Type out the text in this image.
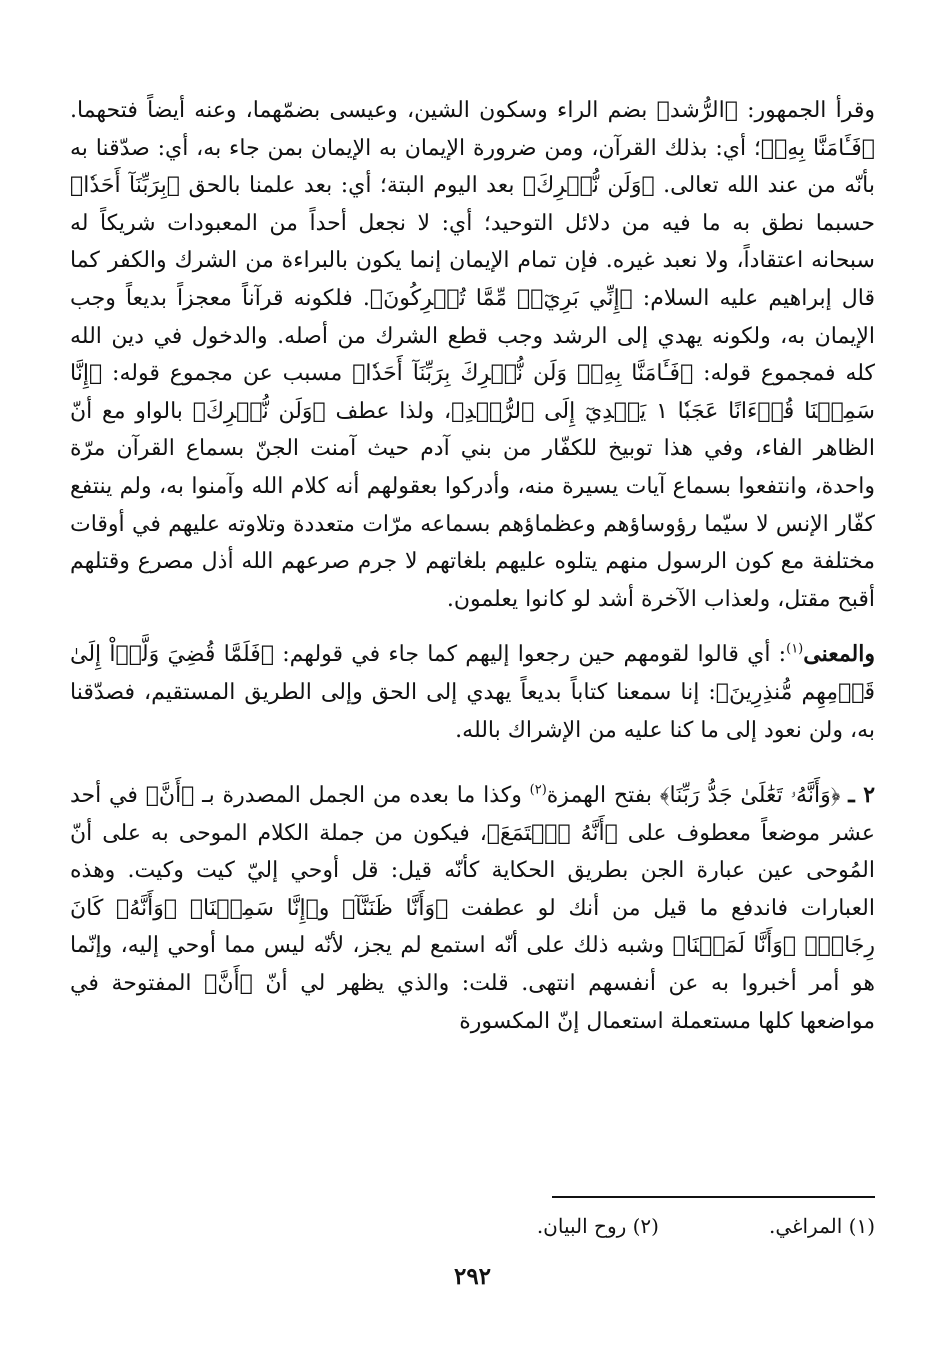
وقرأ الجمهور: ﴿الرُّشد﴾ بضم الراء وسكون الشين، وعيسى بضمّهما، وعنه أيضاً فتحهما. ﴿فَـَٔامَنَّا بِهِۦ﴾؛ أي: بذلك القرآن، ومن ضرورة الإيمان به الإيمان بمن جاء به، أي: صدّقنا به بأنّه من عند الله تعالى. ﴿وَلَن نُّشۡرِكَ﴾ بعد اليوم البتة؛ أي: بعد علمنا بالحق ﴿بِرَبِّنَآ أَحَدٗا﴾ حسبما نطق به ما فيه من دلائل التوحيد؛ أي: لا نجعل أحداً من المعبودات شريكاً له سبحانه اعتقاداً، ولا نعبد غيره. فإن تمام الإيمان إنما يكون بالبراءة من الشرك والكفر كما قال إبراهيم عليه السلام: ﴿إِنِّي بَرِيٓءٞ مِّمَّا تُشۡرِكُونَ﴾. فلكونه قرآناً معجزاً بديعاً وجب الإيمان به، ولكونه يهدي إلى الرشد وجب قطع الشرك من أصله. والدخول في دين الله كله فمجموع قوله: ﴿فَـَٔامَنَّا بِهِۦۖ وَلَن نُّشۡرِكَ بِرَبِّنَآ أَحَدٗا﴾ مسبب عن مجموع قوله: ﴿إِنَّا سَمِعۡنَا قُرۡءَانًا عَجَبٗا ١ يَهۡدِيٓ إِلَى ٱلرُّشۡدِ﴾، ولذا عطف ﴿وَلَن نُّشۡرِكَ﴾ بالواو مع أنّ الظاهر الفاء، وفي هذا توبيخ للكفّار من بني آدم حيث آمنت الجنّ بسماع القرآن مرّة واحدة، وانتفعوا بسماع آيات يسيرة منه، وأدركوا بعقولهم أنه كلام الله وآمنوا به، ولم ينتفع كفّار الإنس لا سيّما رؤوساؤهم وعظماؤهم بسماعه مرّات متعددة وتلاوته عليهم في أوقات مختلفة مع كون الرسول منهم يتلوه عليهم بلغاتهم لا جرم صرعهم الله أذل مصرع وقتلهم أقبح مقتل، ولعذاب الآخرة أشد لو كانوا يعلمون.

والمعنى$^{(١)}$: أي قالوا لقومهم حين رجعوا إليهم كما جاء في قولهم: ﴿فَلَمَّا قُضِيَ وَلَّوۡاْ إِلَىٰ قَوۡمِهِم مُّنذِرِينَ﴾: إنا سمعنا كتاباً بديعاً يهدي إلى الحق وإلى الطريق المستقيم، فصدّقنا به، ولن نعود إلى ما كنا عليه من الإشراك بالله.

٢ ـ ﴿وَأَنَّهُۥ تَعَٰلَىٰ جَدُّ رَبِّنَا﴾ بفتح الهمزة$^{(٢)}$ وكذا ما بعده من الجمل المصدرة بـ ﴿أَنَّ﴾ في أحد عشر موضعاً معطوف على ﴿أَنَّهُ ٱسۡتَمَعَ﴾، فيكون من جملة الكلام الموحى به على أنّ المُوحى عين عبارة الجن بطريق الحكاية كأنّه قيل: قل أوحي إليّ كيت وكيت. وهذه العبارات فاندفع ما قيل من أنك لو عطفت ﴿وَأَنَّا ظَنَنَّآ﴾ و﴿إِنَّا سَمِعۡنَا﴾ ﴿وَأَنَّهُۥ كَانَ رِجَالٞ﴾ ﴿وَأَنَّا لَمَسۡنَا﴾ وشبه ذلك على أنّه استمع لم يجز، لأنّه ليس مما أوحي إليه، وإنّما هو أمر أخبروا به عن أنفسهم انتهى. قلت: والذي يظهر لي أنّ ﴿أَنَّ﴾ المفتوحة في مواضعها كلها مستعملة استعمال إنّ المكسورة

(١) المراغي.(٢) روح البيان.
٢٩٢
